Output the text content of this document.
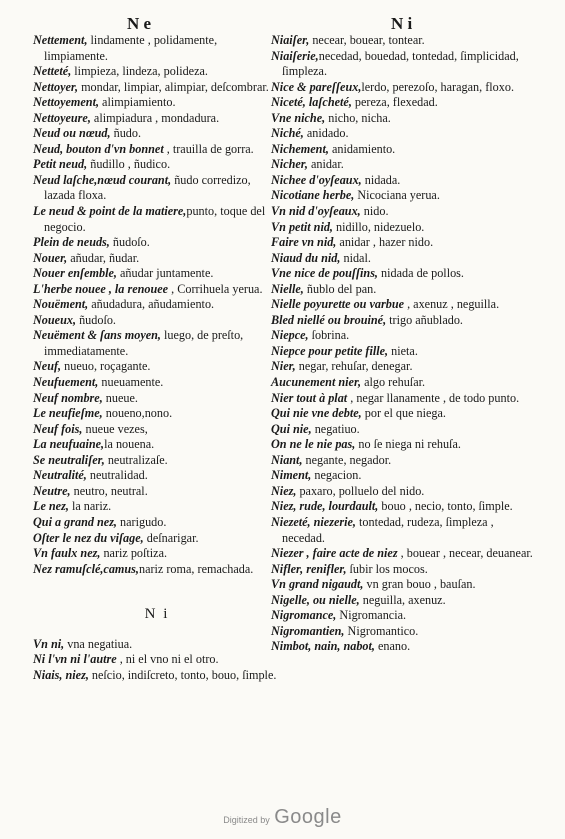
N e	N i

Nettement, lindamente , polidamente, limpiamente.

Netteté, limpieza, lindeza, polideza.

Nettoyer, mondar, limpiar, alimpiar, deſcombrar.

Nettoyement, alimpiamiento.

Nettoyeure, alimpiadura , mondadura.

Neud ou nœud, ñudo.

Neud, bouton d'vn bonnet , trauilla de gorra.

Petit neud, ñudillo , ñudico.

Neud laſche,nœud courant, ñudo corredizo, lazada floxa.

Le neud & point de la matiere,punto, toque del negocio.

Plein de neuds, ñudoſo.

Nouer, añudar, ñudar.

Nouer enſemble, añudar juntamente.

L'herbe nouee , la renouee , Corrihuela yerua.

Nouëment, añudadura, añudamiento.

Noueux, ñudoſo.

Neuëment & ſans moyen, luego, de preſto, immediatamente.

Neuf, nueuo, roçagante.

Neufuement, nueuamente.

Neuf nombre, nueue.

Le neufieſme, noueno,nono.

Neuf fois, nueue vezes,

La neufuaine,la nouena.

Se neutraliſer, neutralizaſe.

Neutralité, neutralidad.

Neutre, neutro, neutral.

Le nez, la nariz.

Qui a grand nez, narigudo.

Oſter le nez du viſage, deſnarigar.

Vn faulx nez, nariz poſtiza.

Nez ramuſclé,camus,nariz roma, remachada.

N i

Vn ni, vna negatiua.

Ni l'vn ni l'autre , ni el vno ni el otro.

Niais, niez, neſcio, indiſcreto, tonto, bouo, ſimple.

Niaiſer, necear, bouear, tontear.

Niaiſerie,necedad, bouedad, tontedad, ſimplicidad, ſimpleza.

Nice & pareſſeux,lerdo, perezoſo, haragan, floxo.

Niceté, laſcheté, pereza, flexedad.

Vne niche, nicho, nicha.

Niché, anidado.

Nichement, anidamiento.

Nicher, anidar.

Nichee d'oyſeaux, nidada.

Nicotiane herbe, Nicociana yerua.

Vn nid d'oyſeaux, nido.

Vn petit nid, nidillo, nidezuelo.

Faire vn nid, anidar , hazer nido.

Niaud du nid, nidal.

Vne nice de pouſſins, nidada de pollos.

Nielle, ñublo del pan.

Nielle poyurette ou varbue , axenuz , neguilla.

Bled niellé ou brouiné, trigo añublado.

Niepce, ſobrina.

Niepce pour petite fille, nieta.

Nier, negar, rehuſar, denegar.

Aucunement nier, algo rehuſar.

Nier tout à plat , negar llanamente , de todo punto.

Qui nie vne debte, por el que niega.

Qui nie, negatiuo.

On ne le nie pas, no ſe niega ni rehuſa.

Niant, negante, negador.

Niment, negacion.

Niez, paxaro, polluelo del nido.

Niez, rude, lourdault, bouo , necio, tonto, ſimple.

Niezeté, niezerie, tontedad, rudeza, ſimpleza , necedad.

Niezer , faire acte de niez , bouear , necear, deuanear.

Nifler, renifler, ſubir los mocos.

Vn grand nigaudt, vn gran bouo , bauſan.

Nigelle, ou nielle, neguilla, axenuz.

Nigromance, Nigromancia.

Nigromantien, Nigromantico.

Nimbot, nain, nabot, enano.

Digitized by Google
